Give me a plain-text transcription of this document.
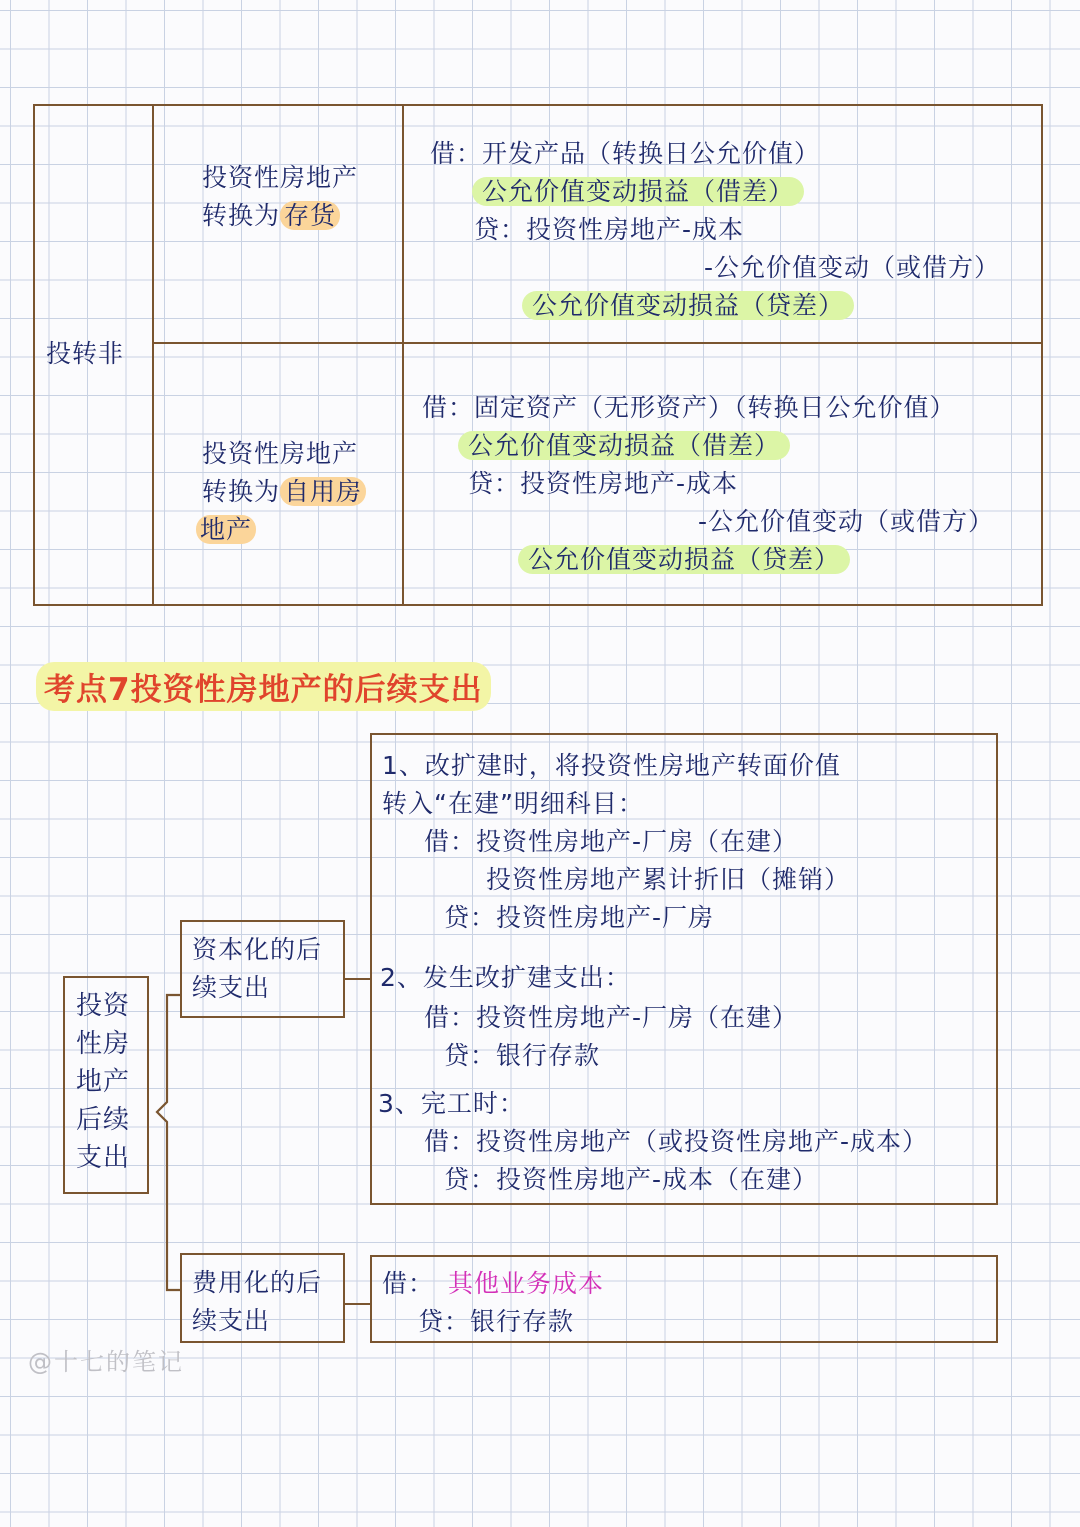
投转非
投资性房地产
转换为 存货
借：开发产品（转换日公允价值）
公允价值变动损益（借差）
贷：投资性房地产-成本
-公允价值变动（或借方）
公允价值变动损益（贷差）
投资性房地产
转换为 自用房
地产
借：固定资产（无形资产）（转换日公允价值）
公允价值变动损益（借差）
贷：投资性房地产-成本
-公允价值变动（或借方）
公允价值变动损益（贷差）
考点7投资性房地产的后续支出
投资
性房
地产
后续
支出
资本化的后
续支出
1、改扩建时，将投资性房地产转面价值
转入“在建”明细科目：
借：投资性房地产-厂房（在建）
投资性房地产累计折旧（摊销）
贷：投资性房地产-厂房
2、发生改扩建支出：
借：投资性房地产-厂房（在建）
贷：银行存款
3、完工时：
借：投资性房地产（或投资性房地产-成本）
贷：投资性房地产-成本（在建）
费用化的后
续支出
借： 其他业务成本
贷：银行存款
@十七的笔记
